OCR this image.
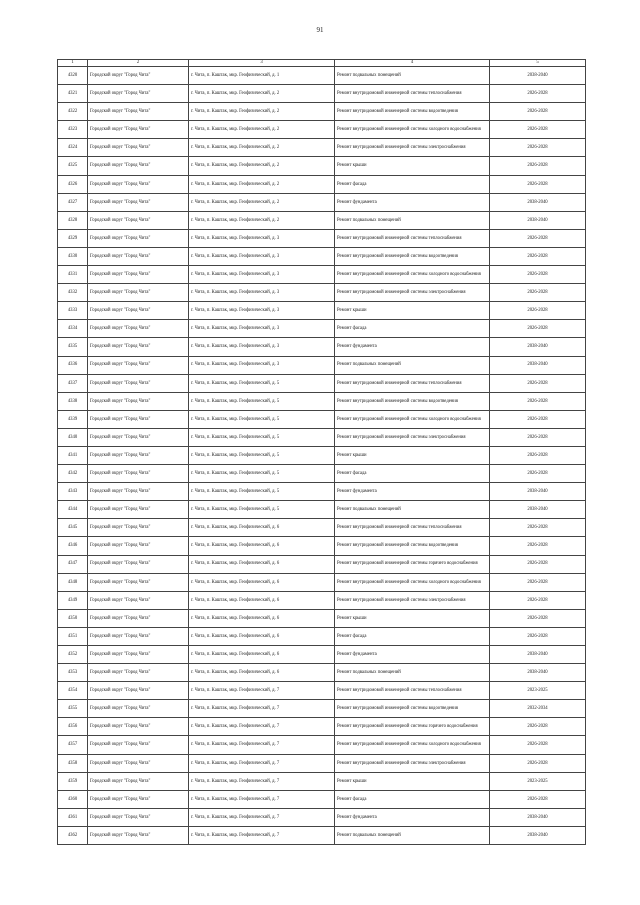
91
1	2	3	4	5
4320	Городской округ "Город Чита"	г. Чита, п. Каштак, мкр. Геофизический, д. 1	Ремонт подвальных помещений	2038-2040
4321	Городской округ "Город Чита"	г. Чита, п. Каштак, мкр. Геофизический, д. 2	Ремонт внутридомовой инженерной системы теплоснабжения	2026-2028
4322	Городской округ "Город Чита"	г. Чита, п. Каштак, мкр. Геофизический, д. 2	Ремонт внутридомовой инженерной системы водоотведения	2026-2028
4323	Городской округ "Город Чита"	г. Чита, п. Каштак, мкр. Геофизический, д. 2	Ремонт внутридомовой инженерной системы холодного водоснабжения	2026-2028
4324	Городской округ "Город Чита"	г. Чита, п. Каштак, мкр. Геофизический, д. 2	Ремонт внутридомовой инженерной системы электроснабжения	2026-2028
4325	Городской округ "Город Чита"	г. Чита, п. Каштак, мкр. Геофизический, д. 2	Ремонт крыши	2026-2028
4326	Городской округ "Город Чита"	г. Чита, п. Каштак, мкр. Геофизический, д. 2	Ремонт фасада	2026-2028
4327	Городской округ "Город Чита"	г. Чита, п. Каштак, мкр. Геофизический, д. 2	Ремонт фундамента	2038-2040
4328	Городской округ "Город Чита"	г. Чита, п. Каштак, мкр. Геофизический, д. 2	Ремонт подвальных помещений	2038-2040
4329	Городской округ "Город Чита"	г. Чита, п. Каштак, мкр. Геофизический, д. 3	Ремонт внутридомовой инженерной системы теплоснабжения	2026-2028
4330	Городской округ "Город Чита"	г. Чита, п. Каштак, мкр. Геофизический, д. 3	Ремонт внутридомовой инженерной системы водоотведения	2026-2028
4331	Городской округ "Город Чита"	г. Чита, п. Каштак, мкр. Геофизический, д. 3	Ремонт внутридомовой инженерной системы холодного водоснабжения	2026-2028
4332	Городской округ "Город Чита"	г. Чита, п. Каштак, мкр. Геофизический, д. 3	Ремонт внутридомовой инженерной системы электроснабжения	2026-2028
4333	Городской округ "Город Чита"	г. Чита, п. Каштак, мкр. Геофизический, д. 3	Ремонт крыши	2026-2028
4334	Городской округ "Город Чита"	г. Чита, п. Каштак, мкр. Геофизический, д. 3	Ремонт фасада	2026-2028
4335	Городской округ "Город Чита"	г. Чита, п. Каштак, мкр. Геофизический, д. 3	Ремонт фундамента	2038-2040
4336	Городской округ "Город Чита"	г. Чита, п. Каштак, мкр. Геофизический, д. 3	Ремонт подвальных помещений	2038-2040
4337	Городской округ "Город Чита"	г. Чита, п. Каштак, мкр. Геофизический, д. 5	Ремонт внутридомовой инженерной системы теплоснабжения	2026-2028
4338	Городской округ "Город Чита"	г. Чита, п. Каштак, мкр. Геофизический, д. 5	Ремонт внутридомовой инженерной системы водоотведения	2026-2028
4339	Городской округ "Город Чита"	г. Чита, п. Каштак, мкр. Геофизический, д. 5	Ремонт внутридомовой инженерной системы холодного водоснабжения	2026-2028
4340	Городской округ "Город Чита"	г. Чита, п. Каштак, мкр. Геофизический, д. 5	Ремонт внутридомовой инженерной системы электроснабжения	2026-2028
4341	Городской округ "Город Чита"	г. Чита, п. Каштак, мкр. Геофизический, д. 5	Ремонт крыши	2026-2028
4342	Городской округ "Город Чита"	г. Чита, п. Каштак, мкр. Геофизический, д. 5	Ремонт фасада	2026-2028
4343	Городской округ "Город Чита"	г. Чита, п. Каштак, мкр. Геофизический, д. 5	Ремонт фундамента	2038-2040
4344	Городской округ "Город Чита"	г. Чита, п. Каштак, мкр. Геофизический, д. 5	Ремонт подвальных помещений	2038-2040
4345	Городской округ "Город Чита"	г. Чита, п. Каштак, мкр. Геофизический, д. 6	Ремонт внутридомовой инженерной системы теплоснабжения	2026-2028
4346	Городской округ "Город Чита"	г. Чита, п. Каштак, мкр. Геофизический, д. 6	Ремонт внутридомовой инженерной системы водоотведения	2026-2028
4347	Городской округ "Город Чита"	г. Чита, п. Каштак, мкр. Геофизический, д. 6	Ремонт внутридомовой инженерной системы горячего водоснабжения	2026-2028
4348	Городской округ "Город Чита"	г. Чита, п. Каштак, мкр. Геофизический, д. 6	Ремонт внутридомовой инженерной системы холодного водоснабжения	2026-2028
4349	Городской округ "Город Чита"	г. Чита, п. Каштак, мкр. Геофизический, д. 6	Ремонт внутридомовой инженерной системы электроснабжения	2026-2028
4350	Городской округ "Город Чита"	г. Чита, п. Каштак, мкр. Геофизический, д. 6	Ремонт крыши	2026-2028
4351	Городской округ "Город Чита"	г. Чита, п. Каштак, мкр. Геофизический, д. 6	Ремонт фасада	2026-2028
4352	Городской округ "Город Чита"	г. Чита, п. Каштак, мкр. Геофизический, д. 6	Ремонт фундамента	2038-2040
4353	Городской округ "Город Чита"	г. Чита, п. Каштак, мкр. Геофизический, д. 6	Ремонт подвальных помещений	2038-2040
4354	Городской округ "Город Чита"	г. Чита, п. Каштак, мкр. Геофизический, д. 7	Ремонт внутридомовой инженерной системы теплоснабжения	2023-2025
4355	Городской округ "Город Чита"	г. Чита, п. Каштак, мкр. Геофизический, д. 7	Ремонт внутридомовой инженерной системы водоотведения	2032-2034
4356	Городской округ "Город Чита"	г. Чита, п. Каштак, мкр. Геофизический, д. 7	Ремонт внутридомовой инженерной системы горячего водоснабжения	2026-2028
4357	Городской округ "Город Чита"	г. Чита, п. Каштак, мкр. Геофизический, д. 7	Ремонт внутридомовой инженерной системы холодного водоснабжения	2026-2028
4358	Городской округ "Город Чита"	г. Чита, п. Каштак, мкр. Геофизический, д. 7	Ремонт внутридомовой инженерной системы электроснабжения	2026-2028
4359	Городской округ "Город Чита"	г. Чита, п. Каштак, мкр. Геофизический, д. 7	Ремонт крыши	2023-2025
4360	Городской округ "Город Чита"	г. Чита, п. Каштак, мкр. Геофизический, д. 7	Ремонт фасада	2026-2028
4361	Городской округ "Город Чита"	г. Чита, п. Каштак, мкр. Геофизический, д. 7	Ремонт фундамента	2038-2040
4362	Городской округ "Город Чита"	г. Чита, п. Каштак, мкр. Геофизический, д. 7	Ремонт подвальных помещений	2038-2040
